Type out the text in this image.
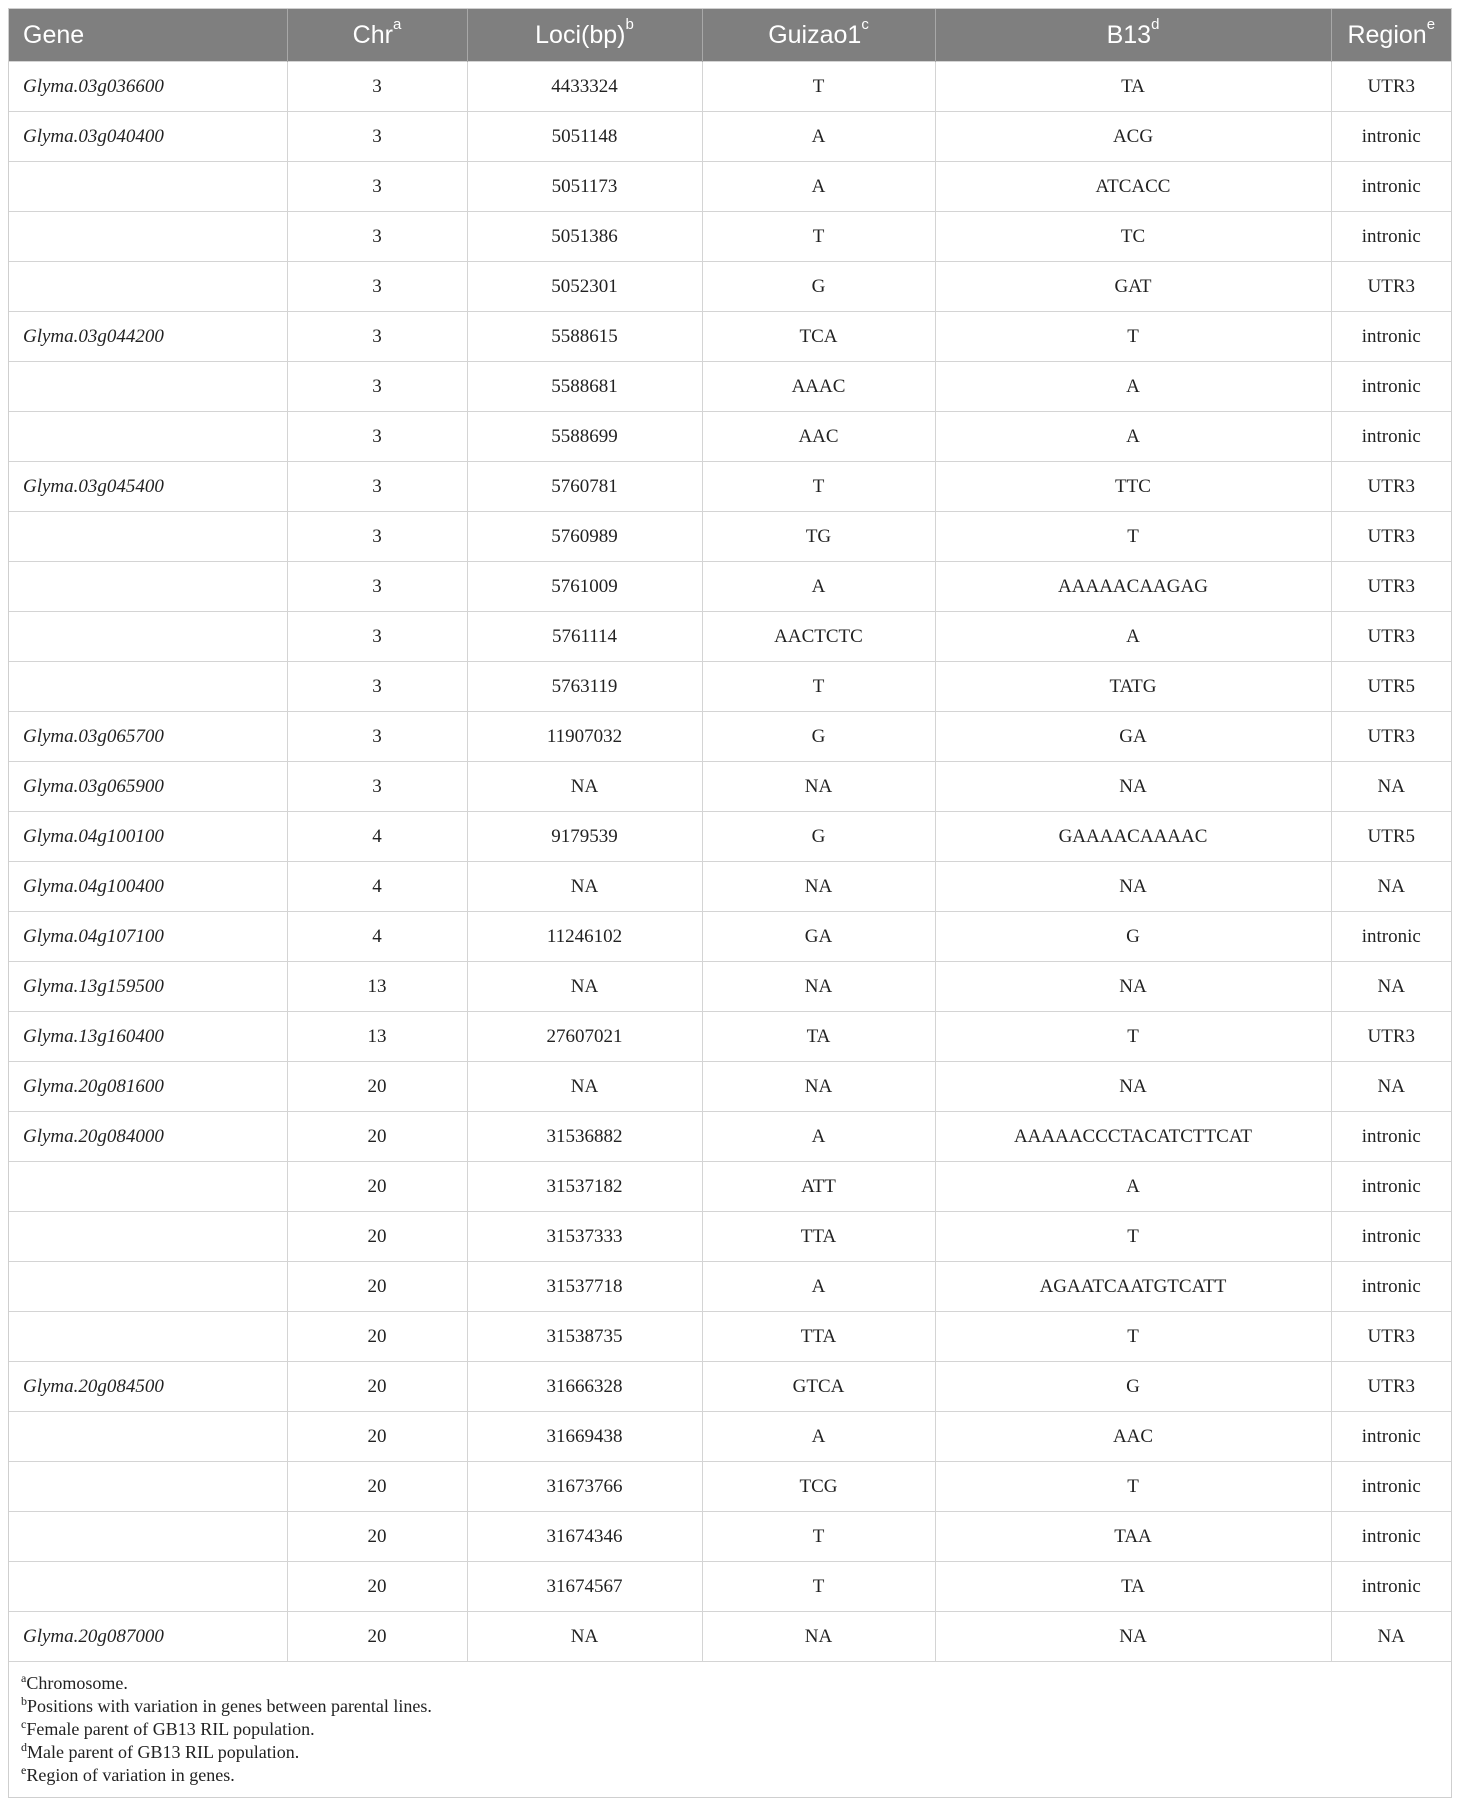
Gene	Chr$^a$	Loci(bp)$^b$	Guizao1$^c$	B13$^d$	Region$^e$
Glyma.03g036600	3	4433324	T	TA	UTR3
Glyma.03g040400	3	5051148	A	ACG	intronic
	3	5051173	A	ATCACC	intronic
	3	5051386	T	TC	intronic
	3	5052301	G	GAT	UTR3
Glyma.03g044200	3	5588615	TCA	T	intronic
	3	5588681	AAAC	A	intronic
	3	5588699	AAC	A	intronic
Glyma.03g045400	3	5760781	T	TTC	UTR3
	3	5760989	TG	T	UTR3
	3	5761009	A	AAAAACAAGAG	UTR3
	3	5761114	AACTCTC	A	UTR3
	3	5763119	T	TATG	UTR5
Glyma.03g065700	3	11907032	G	GA	UTR3
Glyma.03g065900	3	NA	NA	NA	NA
Glyma.04g100100	4	9179539	G	GAAAACAAAAC	UTR5
Glyma.04g100400	4	NA	NA	NA	NA
Glyma.04g107100	4	11246102	GA	G	intronic
Glyma.13g159500	13	NA	NA	NA	NA
Glyma.13g160400	13	27607021	TA	T	UTR3
Glyma.20g081600	20	NA	NA	NA	NA
Glyma.20g084000	20	31536882	A	AAAAACCCTACATCTTCAT	intronic
	20	31537182	ATT	A	intronic
	20	31537333	TTA	T	intronic
	20	31537718	A	AGAATCAATGTCATT	intronic
	20	31538735	TTA	T	UTR3
Glyma.20g084500	20	31666328	GTCA	G	UTR3
	20	31669438	A	AAC	intronic
	20	31673766	TCG	T	intronic
	20	31674346	T	TAA	intronic
	20	31674567	T	TA	intronic
Glyma.20g087000	20	NA	NA	NA	NA
$^a$Chromosome.
$^b$Positions with variation in genes between parental lines.
$^c$Female parent of GB13 RIL population.
$^d$Male parent of GB13 RIL population.
$^e$Region of variation in genes.
